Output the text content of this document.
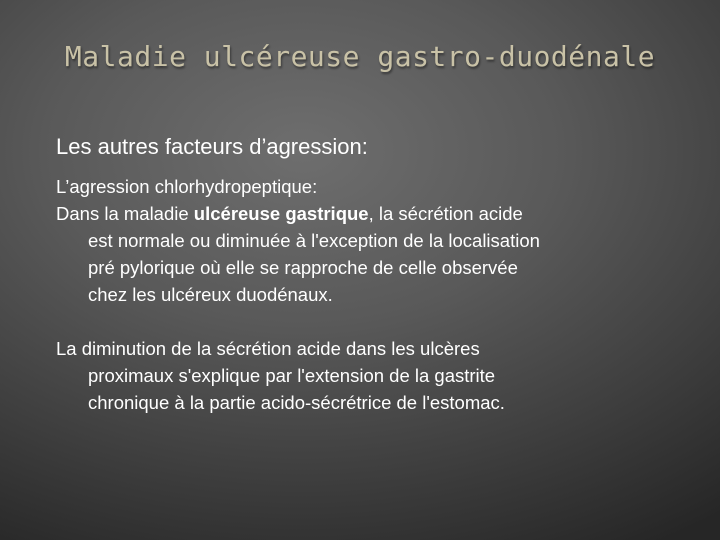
Maladie ulcéreuse gastro-duodénale

Les autres facteurs d’agression:

L’agression chlorhydropeptique:

Dans la maladie ulcéreuse gastrique, la sécrétion acide
est normale ou diminuée à l'exception de la localisation
pré pylorique où elle se rapproche de celle observée
chez les ulcéreux duodénaux.
La diminution de la sécrétion acide dans les ulcères
proximaux s'explique par l'extension de la gastrite
chronique à la partie acido-sécrétrice de l'estomac.
